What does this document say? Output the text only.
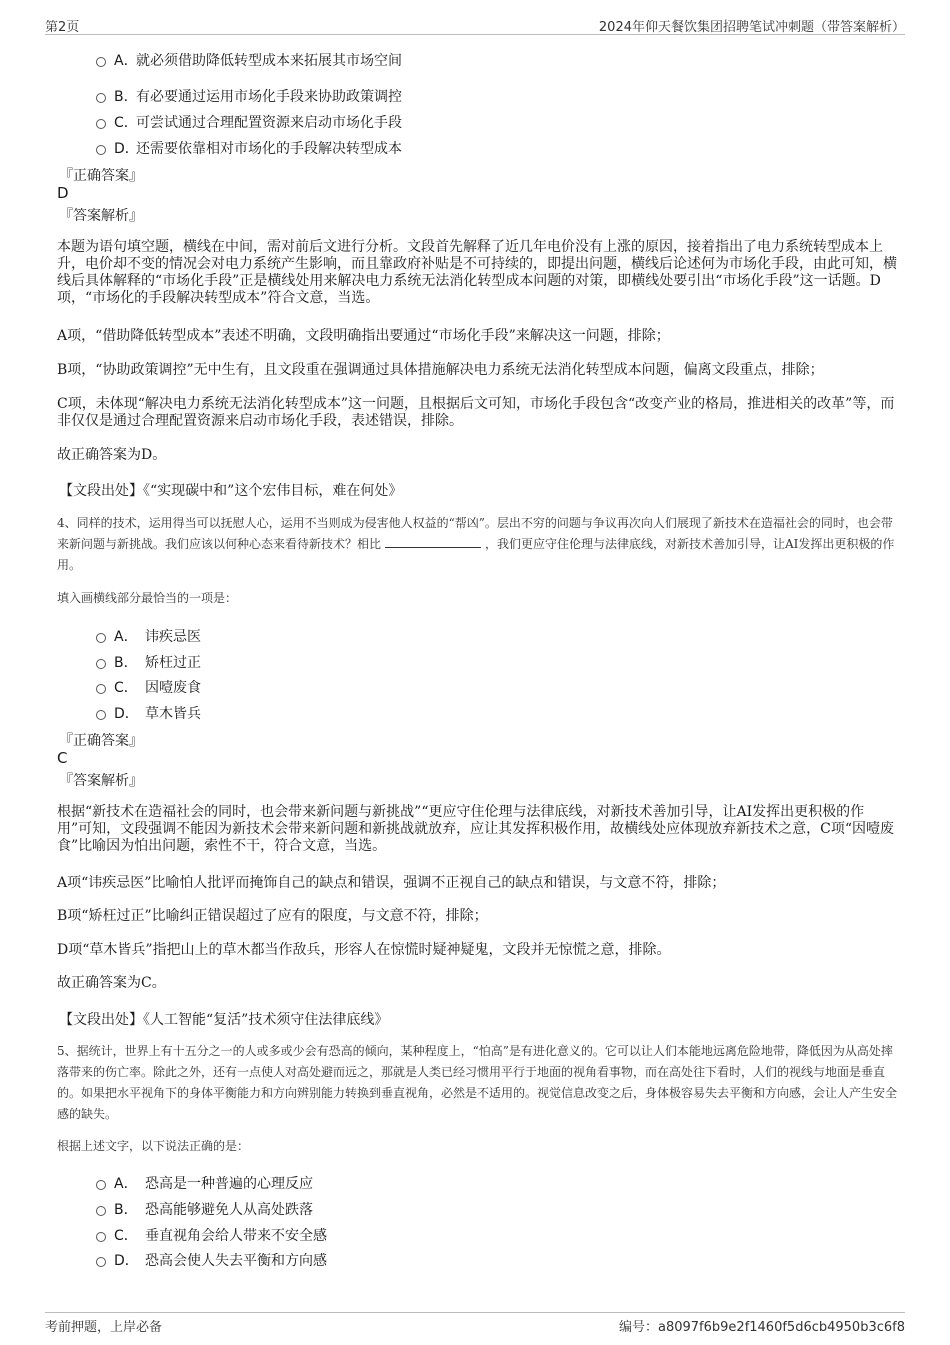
第2页	2024年仰天餐饮集团招聘笔试冲刺题（带答案解析）
A．就必须借助降低转型成本来拓展其市场空间
B．有必要通过运用市场化手段来协助政策调控
C．可尝试通过合理配置资源来启动市场化手段
D．还需要依靠相对市场化的手段解决转型成本
『正确答案』
D
『答案解析』
本题为语句填空题，横线在中间，需对前后文进行分析。文段首先解释了近几年电价没有上涨的原因，接着指出了电力系统转型成本上升，电价却不变的情况会对电力系统产生影响，而且靠政府补贴是不可持续的，即提出问题，横线后论述何为市场化手段，由此可知，横线后具体解释的“市场化手段”正是横线处用来解决电力系统无法消化转型成本问题的对策，即横线处要引出“市场化手段”这一话题。D项，“市场化的手段解决转型成本”符合文意，当选。
A项，“借助降低转型成本”表述不明确，文段明确指出要通过“市场化手段”来解决这一问题，排除；
B项，“协助政策调控”无中生有，且文段重在强调通过具体措施解决电力系统无法消化转型成本问题，偏离文段重点，排除；
C项，未体现“解决电力系统无法消化转型成本”这一问题，且根据后文可知，市场化手段包含“改变产业的格局，推进相关的改革”等，而非仅仅是通过合理配置资源来启动市场化手段，表述错误，排除。
故正确答案为D。
【文段出处】《“实现碳中和”这个宏伟目标，难在何处》
4、同样的技术，运用得当可以抚慰人心，运用不当则成为侵害他人权益的“帮凶”。层出不穷的问题与争议再次向人们展现了新技术在造福社会的同时，也会带来新问题与新挑战。我们应该以何种心态来看待新技术？相比	，我们更应守住伦理与法律底线，对新技术善加引导，让AI发挥出更积极的作用。
填入画横线部分最恰当的一项是：
A． 讳疾忌医
B． 矫枉过正
C． 因噎废食
D． 草木皆兵
『正确答案』
C
『答案解析』
根据“新技术在造福社会的同时，也会带来新问题与新挑战”“更应守住伦理与法律底线，对新技术善加引导，让AI发挥出更积极的作用”可知，文段强调不能因为新技术会带来新问题和新挑战就放弃，应让其发挥积极作用，故横线处应体现放弃新技术之意，C项“因噎废食”比喻因为怕出问题，索性不干，符合文意，当选。
A项“讳疾忌医”比喻怕人批评而掩饰自己的缺点和错误，强调不正视自己的缺点和错误，与文意不符，排除；
B项“矫枉过正”比喻纠正错误超过了应有的限度，与文意不符，排除；
D项“草木皆兵”指把山上的草木都当作敌兵，形容人在惊慌时疑神疑鬼，文段并无惊慌之意，排除。
故正确答案为C。
【文段出处】《人工智能“复活”技术须守住法律底线》
5、据统计，世界上有十五分之一的人或多或少会有恐高的倾向，某种程度上，“怕高”是有进化意义的。它可以让人们本能地远离危险地带，降低因为从高处摔落带来的伤亡率。除此之外，还有一点使人对高处避而远之，那就是人类已经习惯用平行于地面的视角看事物，而在高处往下看时，人们的视线与地面是垂直的。如果把水平视角下的身体平衡能力和方向辨别能力转换到垂直视角，必然是不适用的。视觉信息改变之后，身体极容易失去平衡和方向感，会让人产生安全感的缺失。
根据上述文字，以下说法正确的是：
A． 恐高是一种普遍的心理反应
B． 恐高能够避免人从高处跌落
C． 垂直视角会给人带来不安全感
D． 恐高会使人失去平衡和方向感
考前押题，上岸必备	编号：a8097f6b9e2f1460f5d6cb4950b3c6f8
